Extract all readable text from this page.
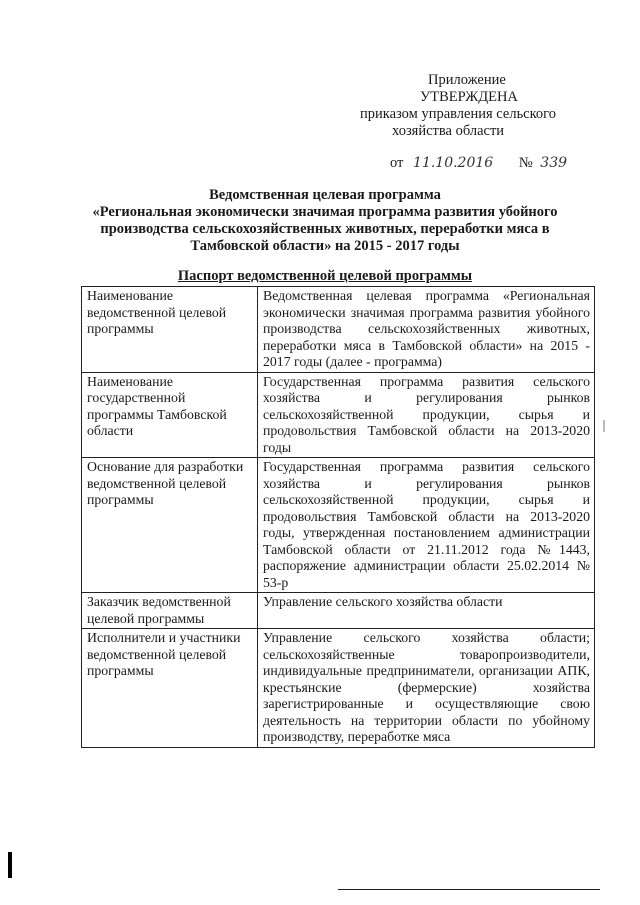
Приложение
УТВЕРЖДЕНА
приказом управления сельского
хозяйства области
от 11.10.2016 № 339
Ведомственная целевая программа
«Региональная экономически значимая программа развития убойного
производства сельскохозяйственных животных, переработки мяса в
Тамбовской области» на 2015 - 2017 годы
Паспорт ведомственной целевой программы
Наименование ведомственной целевой программы	Ведомственная целевая программа «Региональная экономически значимая программа развития убойного производства сельскохозяйственных животных, переработки мяса в Тамбовской области» на 2015 - 2017 годы (далее - программа)
Наименование государственной программы Тамбовской области	Государственная программа развития сельского хозяйства и регулирования рынков сельскохозяйственной продукции, сырья и продовольствия Тамбовской области на 2013-2020 годы
Основание для разработки ведомственной целевой программы	Государственная программа развития сельского хозяйства и регулирования рынков сельскохозяйственной продукции, сырья и продовольствия Тамбовской области на 2013-2020 годы, утвержденная постановлением администрации Тамбовской области от 21.11.2012 года №1443, распоряжение администрации области 25.02.2014 № 53-р
Заказчик ведомственной целевой программы	Управление сельского хозяйства области
Исполнители и участники ведомственной целевой программы	Управление сельского хозяйства области; сельскохозяйственные товаропроизводители, индивидуальные предприниматели, организации АПК, крестьянские (фермерские) хозяйства зарегистрированные и осуществляющие свою деятельность на территории области по убойному производству, переработке мяса
